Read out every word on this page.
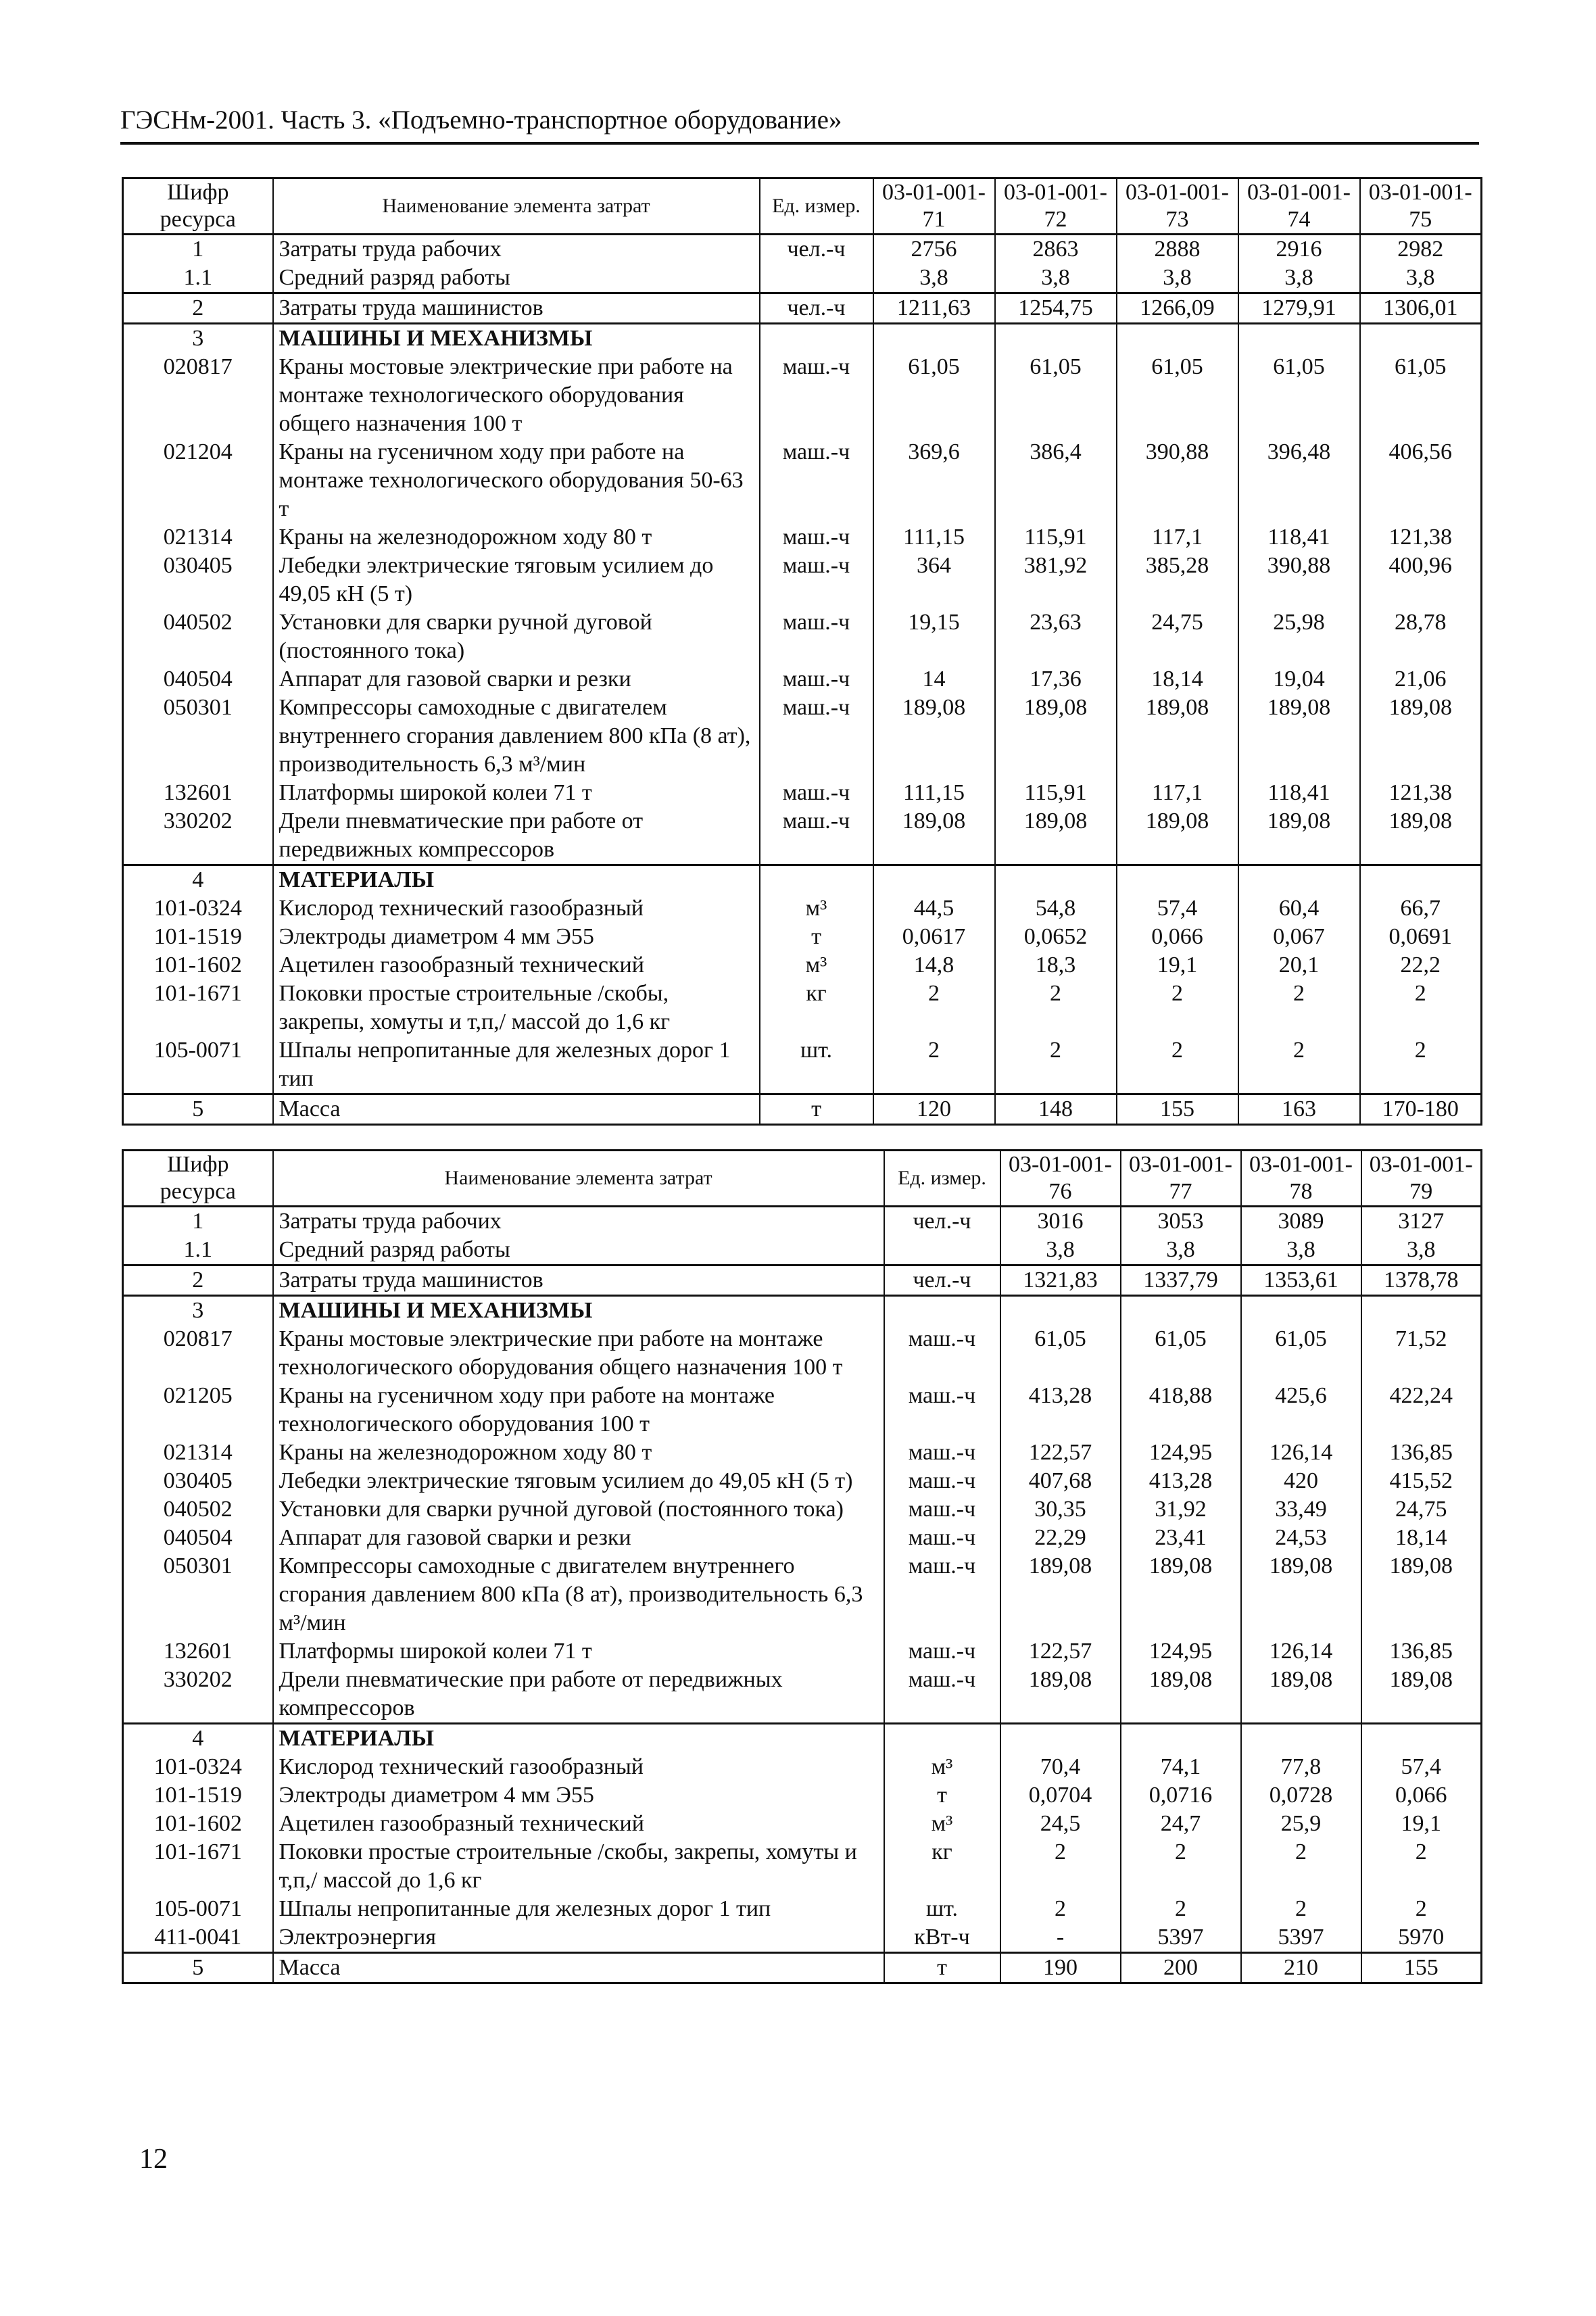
ГЭСНм-2001. Часть 3. «Подъемно-транспортное оборудование»
Шифр ресурса	Наименование элемента затрат	Ед. измер.	03-01-001-71	03-01-001-72	03-01-001-73	03-01-001-74	03-01-001-75
1	Затраты труда рабочих	чел.-ч	2756	2863	2888	2916	2982
1.1	Средний разряд работы		3,8	3,8	3,8	3,8	3,8
2	Затраты труда машинистов	чел.-ч	1211,63	1254,75	1266,09	1279,91	1306,01
3	МАШИНЫ И МЕХАНИЗМЫ						
020817	Краны мостовые электрические при работе на монтаже технологического оборудования общего назначения 100 т	маш.-ч	61,05	61,05	61,05	61,05	61,05
021204	Краны на гусеничном ходу при работе на монтаже технологического оборудования 50-63 т	маш.-ч	369,6	386,4	390,88	396,48	406,56
021314	Краны на железнодорожном ходу 80 т	маш.-ч	111,15	115,91	117,1	118,41	121,38
030405	Лебедки электрические тяговым усилием до 49,05 кН (5 т)	маш.-ч	364	381,92	385,28	390,88	400,96
040502	Установки для сварки ручной дуговой (постоянного тока)	маш.-ч	19,15	23,63	24,75	25,98	28,78
040504	Аппарат для газовой сварки и резки	маш.-ч	14	17,36	18,14	19,04	21,06
050301	Компрессоры самоходные с двигателем внутреннего сгорания давлением 800 кПа (8 ат), производительность 6,3 м³/мин	маш.-ч	189,08	189,08	189,08	189,08	189,08
132601	Платформы широкой колеи 71 т	маш.-ч	111,15	115,91	117,1	118,41	121,38
330202	Дрели пневматические при работе от передвижных компрессоров	маш.-ч	189,08	189,08	189,08	189,08	189,08
4	МАТЕРИАЛЫ						
101-0324	Кислород технический газообразный	м³	44,5	54,8	57,4	60,4	66,7
101-1519	Электроды диаметром 4 мм Э55	т	0,0617	0,0652	0,066	0,067	0,0691
101-1602	Ацетилен газообразный технический	м³	14,8	18,3	19,1	20,1	22,2
101-1671	Поковки простые строительные /скобы, закрепы, хомуты и т,п,/ массой до 1,6 кг	кг	2	2	2	2	2
105-0071	Шпалы непропитанные для железных дорог 1 тип	шт.	2	2	2	2	2
5	Масса	т	120	148	155	163	170-180
Шифр ресурса	Наименование элемента затрат	Ед. измер.	03-01-001-76	03-01-001-77	03-01-001-78	03-01-001-79
1	Затраты труда рабочих	чел.-ч	3016	3053	3089	3127
1.1	Средний разряд работы		3,8	3,8	3,8	3,8
2	Затраты труда машинистов	чел.-ч	1321,83	1337,79	1353,61	1378,78
3	МАШИНЫ И МЕХАНИЗМЫ					
020817	Краны мостовые электрические при работе на монтаже технологического оборудования общего назначения 100 т	маш.-ч	61,05	61,05	61,05	71,52
021205	Краны на гусеничном ходу при работе на монтаже технологического оборудования 100 т	маш.-ч	413,28	418,88	425,6	422,24
021314	Краны на железнодорожном ходу 80 т	маш.-ч	122,57	124,95	126,14	136,85
030405	Лебедки электрические тяговым усилием до 49,05 кН (5 т)	маш.-ч	407,68	413,28	420	415,52
040502	Установки для сварки ручной дуговой (постоянного тока)	маш.-ч	30,35	31,92	33,49	24,75
040504	Аппарат для газовой сварки и резки	маш.-ч	22,29	23,41	24,53	18,14
050301	Компрессоры самоходные с двигателем внутреннего сгорания давлением 800 кПа (8 ат), производительность 6,3 м³/мин	маш.-ч	189,08	189,08	189,08	189,08
132601	Платформы широкой колеи 71 т	маш.-ч	122,57	124,95	126,14	136,85
330202	Дрели пневматические при работе от передвижных компрессоров	маш.-ч	189,08	189,08	189,08	189,08
4	МАТЕРИАЛЫ					
101-0324	Кислород технический газообразный	м³	70,4	74,1	77,8	57,4
101-1519	Электроды диаметром 4 мм Э55	т	0,0704	0,0716	0,0728	0,066
101-1602	Ацетилен газообразный технический	м³	24,5	24,7	25,9	19,1
101-1671	Поковки простые строительные /скобы, закрепы, хомуты и т,п,/ массой до 1,6 кг	кг	2	2	2	2
105-0071	Шпалы непропитанные для железных дорог 1 тип	шт.	2	2	2	2
411-0041	Электроэнергия	кВт-ч	-	5397	5397	5970
5	Масса	т	190	200	210	155
12
